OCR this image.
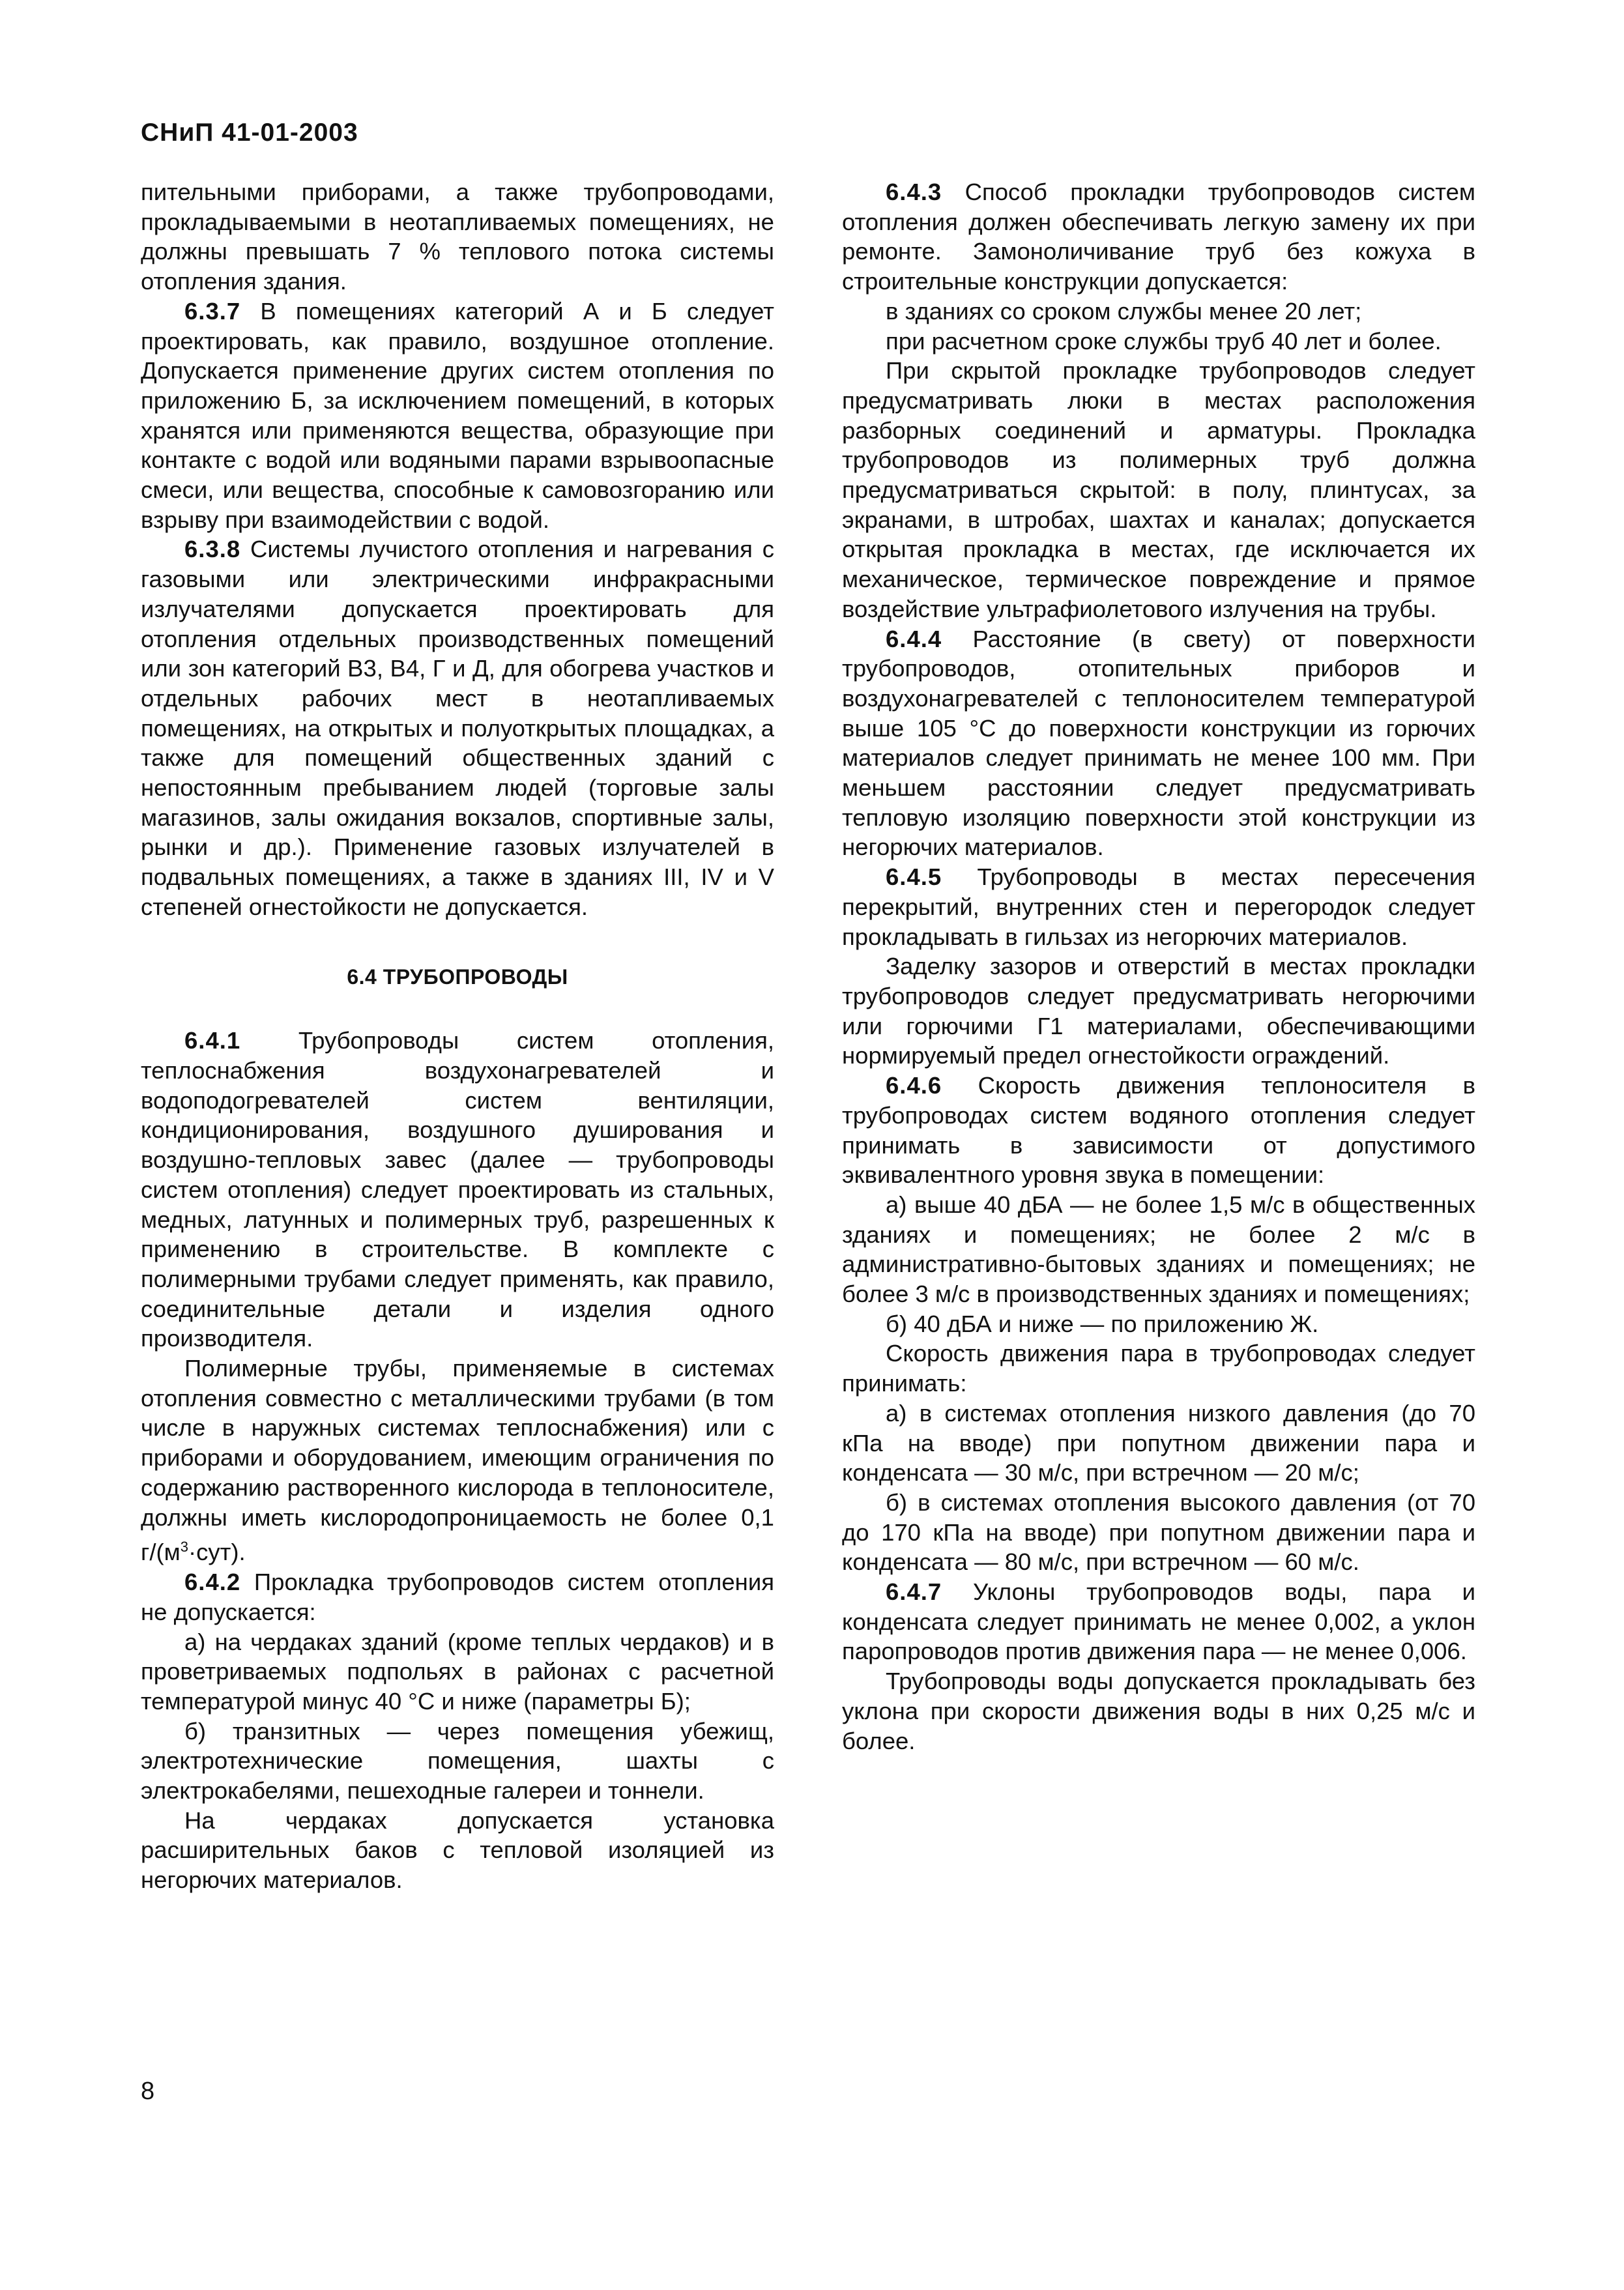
СНиП 41-01-2003

пительными приборами, а также трубопроводами, прокладываемыми в неотапливаемых помещениях, не должны превышать 7 % теплового потока системы отопления здания.

6.3.7 В помещениях категорий А и Б следует проектировать, как правило, воздушное отопление. Допускается применение других систем отопления по приложению Б, за исключением помещений, в которых хранятся или применяются вещества, образующие при контакте с водой или водяными парами взрывоопасные смеси, или вещества, способные к самовозгоранию или взрыву при взаимодействии с водой.

6.3.8 Системы лучистого отопления и нагревания с газовыми или электрическими инфракрасными излучателями допускается проектировать для отопления отдельных производственных помещений или зон категорий В3, В4, Г и Д, для обогрева участков и отдельных рабочих мест в неотапливаемых помещениях, на открытых и полуоткрытых площадках, а также для помещений общественных зданий с непостоянным пребыванием людей (торговые залы магазинов, залы ожидания вокзалов, спортивные залы, рынки и др.). Применение газовых излучателей в подвальных помещениях, а также в зданиях III, IV и V степеней огнестойкости не допускается.

6.4 ТРУБОПРОВОДЫ

6.4.1 Трубопроводы систем отопления, теплоснабжения воздухонагревателей и водоподогревателей систем вентиляции, кондиционирования, воздушного душирования и воздушно-тепловых завес (далее — трубопроводы систем отопления) следует проектировать из стальных, медных, латунных и полимерных труб, разрешенных к применению в строительстве. В комплекте с полимерными трубами следует применять, как правило, соединительные детали и изделия одного производителя.

Полимерные трубы, применяемые в системах отопления совместно с металлическими трубами (в том числе в наружных системах теплоснабжения) или с приборами и оборудованием, имеющим ограничения по содержанию растворенного кислорода в теплоносителе, должны иметь кислородопроницаемость не более 0,1 $г/(м^3\cdot сут)$.

6.4.2 Прокладка трубопроводов систем отопления не допускается:

а) на чердаках зданий (кроме теплых чердаков) и в проветриваемых подпольях в районах с расчетной температурой минус 40 °С и ниже (параметры Б);

б) транзитных — через помещения убежищ, электротехнические помещения, шахты с электрокабелями, пешеходные галереи и тоннели.

На чердаках допускается установка расширительных баков с тепловой изоляцией из негорючих материалов.

6.4.3 Способ прокладки трубопроводов систем отопления должен обеспечивать легкую замену их при ремонте. Замоноличивание труб без кожуха в строительные конструкции допускается:

в зданиях со сроком службы менее 20 лет;

при расчетном сроке службы труб 40 лет и более.

При скрытой прокладке трубопроводов следует предусматривать люки в местах расположения разборных соединений и арматуры. Прокладка трубопроводов из полимерных труб должна предусматриваться скрытой: в полу, плинтусах, за экранами, в штробах, шахтах и каналах; допускается открытая прокладка в местах, где исключается их механическое, термическое повреждение и прямое воздействие ультрафиолетового излучения на трубы.

6.4.4 Расстояние (в свету) от поверхности трубопроводов, отопительных приборов и воздухонагревателей с теплоносителем температурой выше 105 °С до поверхности конструкции из горючих материалов следует принимать не менее 100 мм. При меньшем расстоянии следует предусматривать тепловую изоляцию поверхности этой конструкции из негорючих материалов.

6.4.5 Трубопроводы в местах пересечения перекрытий, внутренних стен и перегородок следует прокладывать в гильзах из негорючих материалов.

Заделку зазоров и отверстий в местах прокладки трубопроводов следует предусматривать негорючими или горючими Г1 материалами, обеспечивающими нормируемый предел огнестойкости ограждений.

6.4.6 Скорость движения теплоносителя в трубопроводах систем водяного отопления следует принимать в зависимости от допустимого эквивалентного уровня звука в помещении:

а) выше 40 дБА — не более 1,5 м/с в общественных зданиях и помещениях; не более 2 м/с в административно-бытовых зданиях и помещениях; не более 3 м/с в производственных зданиях и помещениях;

б) 40 дБА и ниже — по приложению Ж.

Скорость движения пара в трубопроводах следует принимать:

а) в системах отопления низкого давления (до 70 кПа на вводе) при попутном движении пара и конденсата — 30 м/с, при встречном — 20 м/с;

б) в системах отопления высокого давления (от 70 до 170 кПа на вводе) при попутном движении пара и конденсата — 80 м/с, при встречном — 60 м/с.

6.4.7 Уклоны трубопроводов воды, пара и конденсата следует принимать не менее 0,002, а уклон паропроводов против движения пара — не менее 0,006.

Трубопроводы воды допускается прокладывать без уклона при скорости движения воды в них 0,25 м/с и более.

8
